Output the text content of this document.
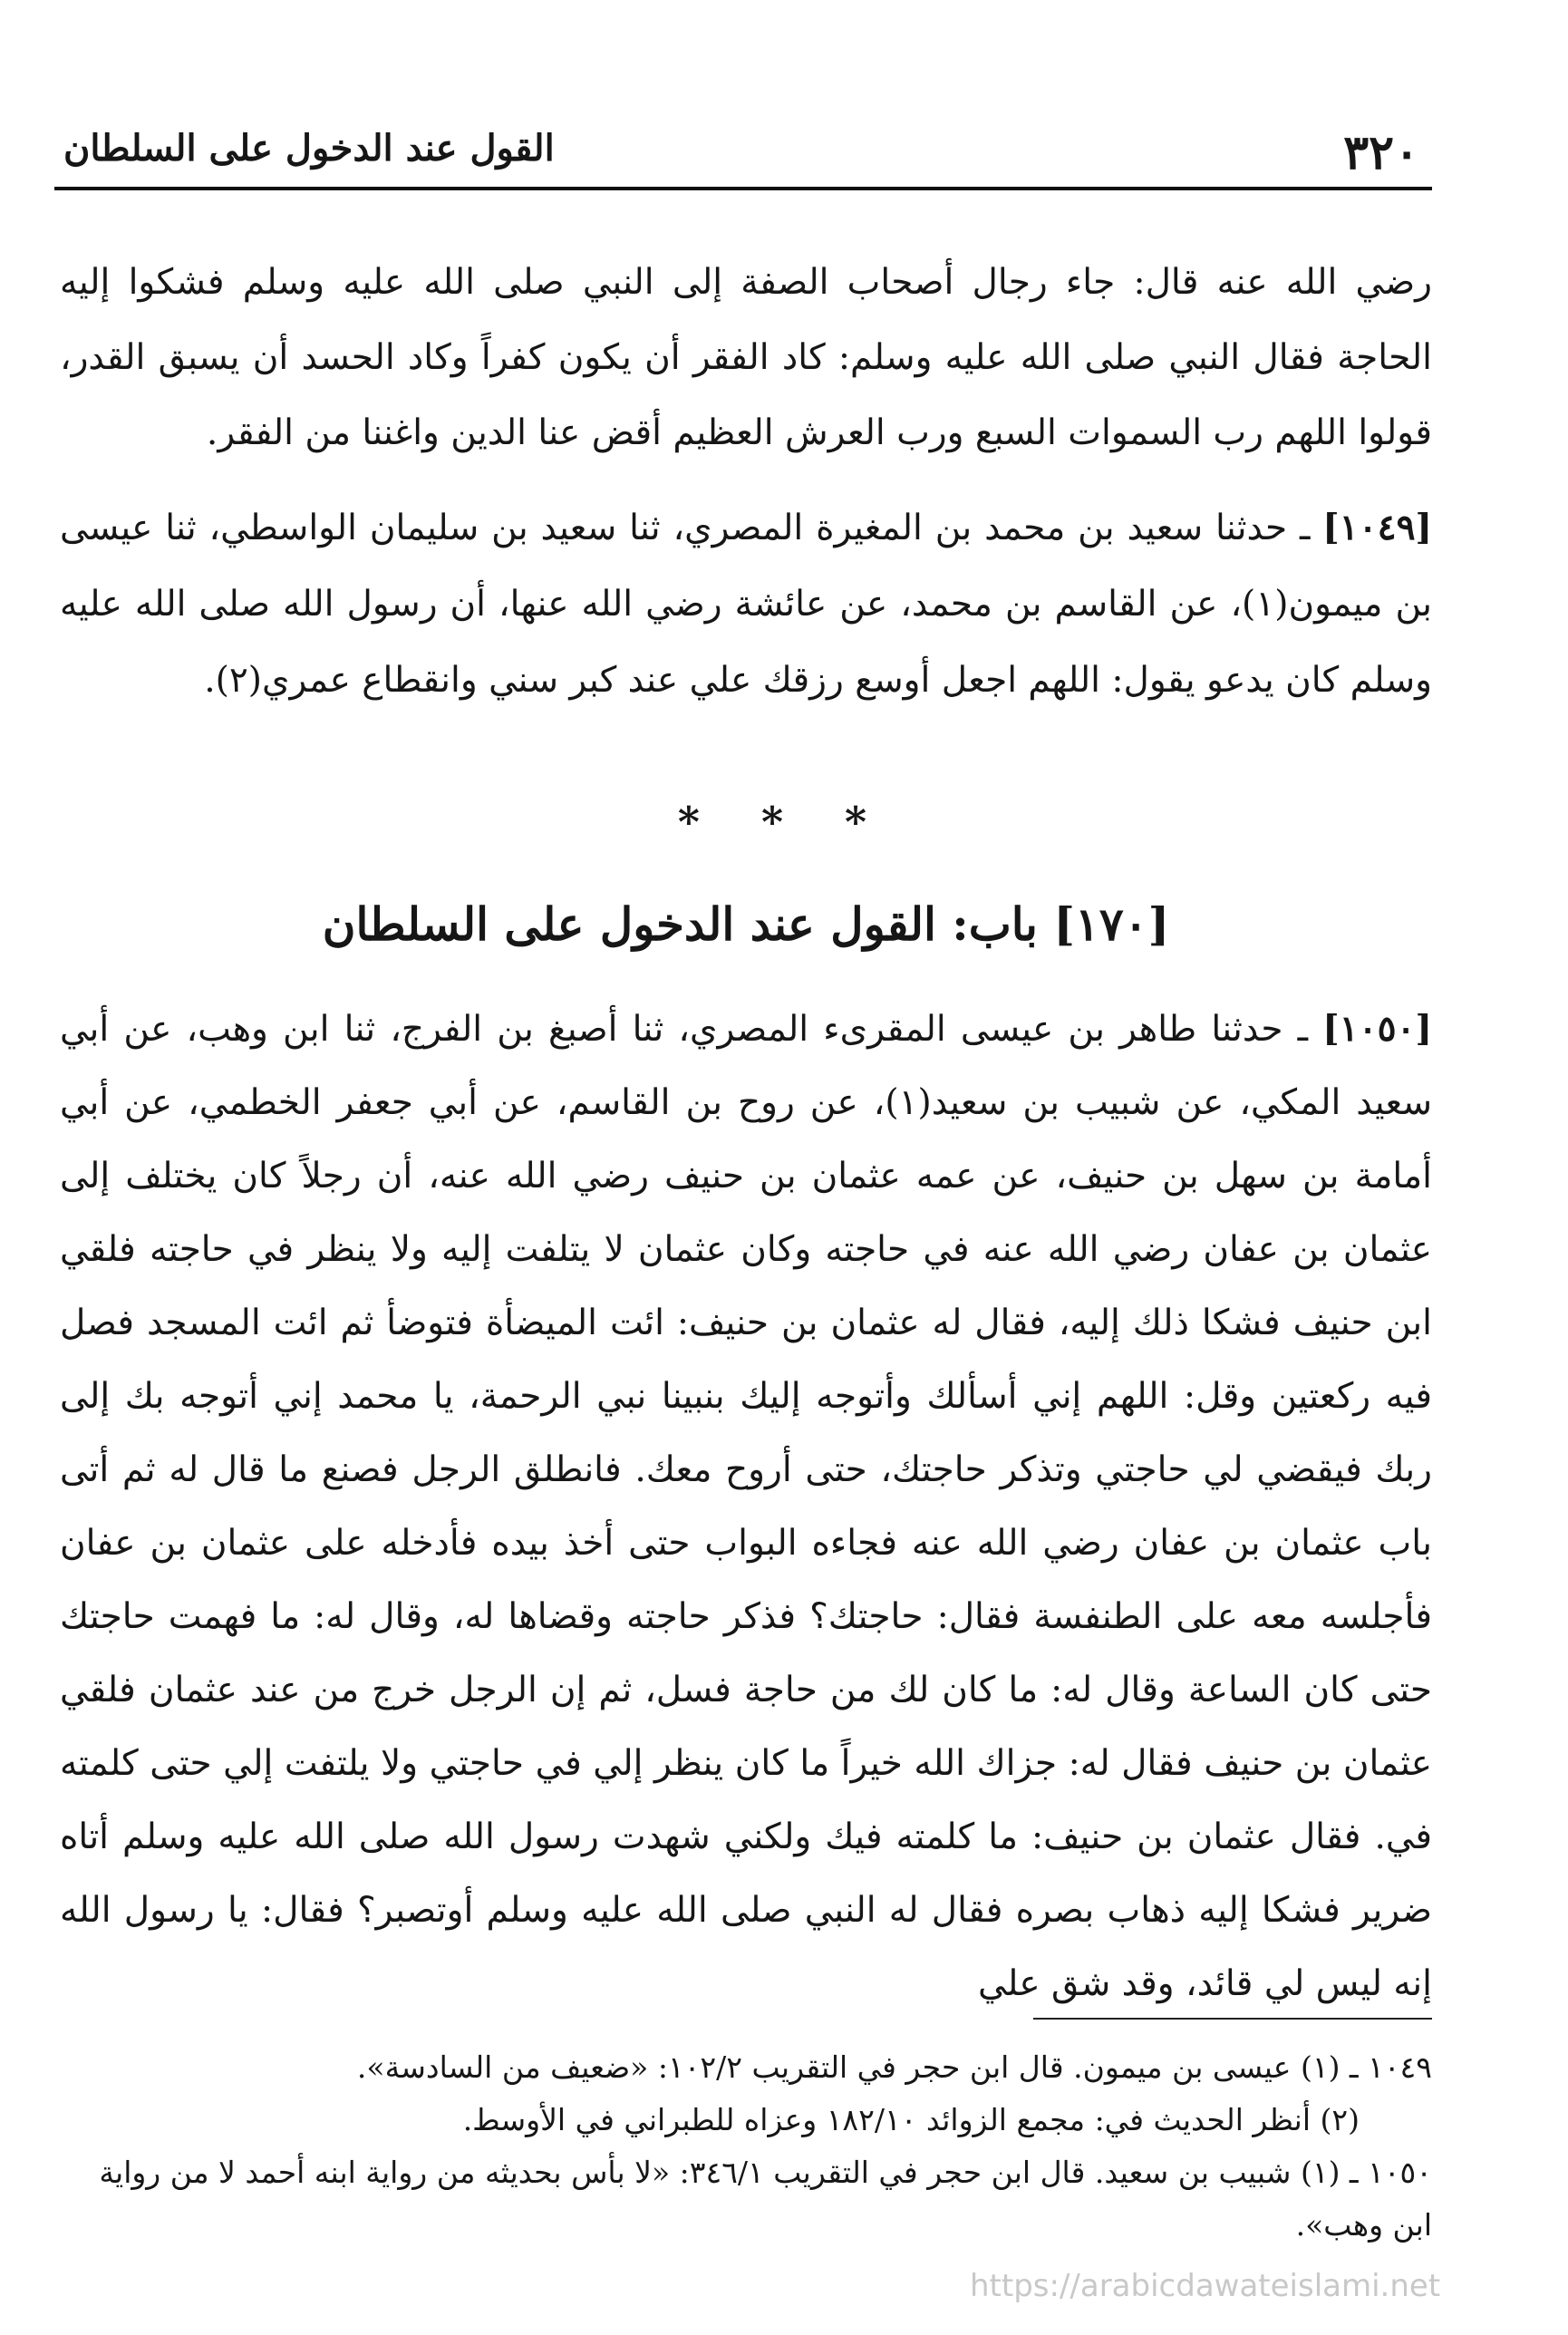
٣٢٠
القول عند الدخول على السلطان

رضي الله عنه قال: جاء رجال أصحاب الصفة إلى النبي صلى الله عليه وسلم فشكوا إليه الحاجة فقال النبي صلى الله عليه وسلم: كاد الفقر أن يكون كفراً وكاد الحسد أن يسبق القدر، قولوا اللهم رب السموات السبع ورب العرش العظيم أقض عنا الدين واغننا من الفقر.

[١٠٤٩] ـ حدثنا سعيد بن محمد بن المغيرة المصري، ثنا سعيد بن سليمان الواسطي، ثنا عيسى بن ميمون(١)، عن القاسم بن محمد، عن عائشة رضي الله عنها، أن رسول الله صلى الله عليه وسلم كان يدعو يقول: اللهم اجعل أوسع رزقك علي عند كبر سني وانقطاع عمري(٢).

* * *
[١٧٠] باب: القول عند الدخول على السلطان

[١٠٥٠] ـ حدثنا طاهر بن عيسى المقرىء المصري، ثنا أصبغ بن الفرج، ثنا ابن وهب، عن أبي سعيد المكي، عن شبيب بن سعيد(١)، عن روح بن القاسم، عن أبي جعفر الخطمي، عن أبي أمامة بن سهل بن حنيف، عن عمه عثمان بن حنيف رضي الله عنه، أن رجلاً كان يختلف إلى عثمان بن عفان رضي الله عنه في حاجته وكان عثمان لا يتلفت إليه ولا ينظر في حاجته فلقي ابن حنيف فشكا ذلك إليه، فقال له عثمان بن حنيف: ائت الميضأة فتوضأ ثم ائت المسجد فصل فيه ركعتين وقل: اللهم إني أسألك وأتوجه إليك بنبينا نبي الرحمة، يا محمد إني أتوجه بك إلى ربك فيقضي لي حاجتي وتذكر حاجتك، حتى أروح معك. فانطلق الرجل فصنع ما قال له ثم أتى باب عثمان بن عفان رضي الله عنه فجاءه البواب حتى أخذ بيده فأدخله على عثمان بن عفان فأجلسه معه على الطنفسة فقال: حاجتك؟ فذكر حاجته وقضاها له، وقال له: ما فهمت حاجتك حتى كان الساعة وقال له: ما كان لك من حاجة فسل، ثم إن الرجل خرج من عند عثمان فلقي عثمان بن حنيف فقال له: جزاك الله خيراً ما كان ينظر إلي في حاجتي ولا يلتفت إلي حتى كلمته في. فقال عثمان بن حنيف: ما كلمته فيك ولكني شهدت رسول الله صلى الله عليه وسلم أتاه ضرير فشكا إليه ذهاب بصره فقال له النبي صلى الله عليه وسلم أوتصبر؟ فقال: يا رسول الله إنه ليس لي قائد، وقد شق علي

١٠٤٩ ـ (١) عيسى بن ميمون. قال ابن حجر في التقريب ١٠٢/٢: «ضعيف من السادسة».

(٢) أنظر الحديث في: مجمع الزوائد ١٨٢/١٠ وعزاه للطبراني في الأوسط.

١٠٥٠ ـ (١) شبيب بن سعيد. قال ابن حجر في التقريب ٣٤٦/١: «لا بأس بحديثه من رواية ابنه أحمد لا من رواية ابن وهب».

https://arabicdawateislami.net
